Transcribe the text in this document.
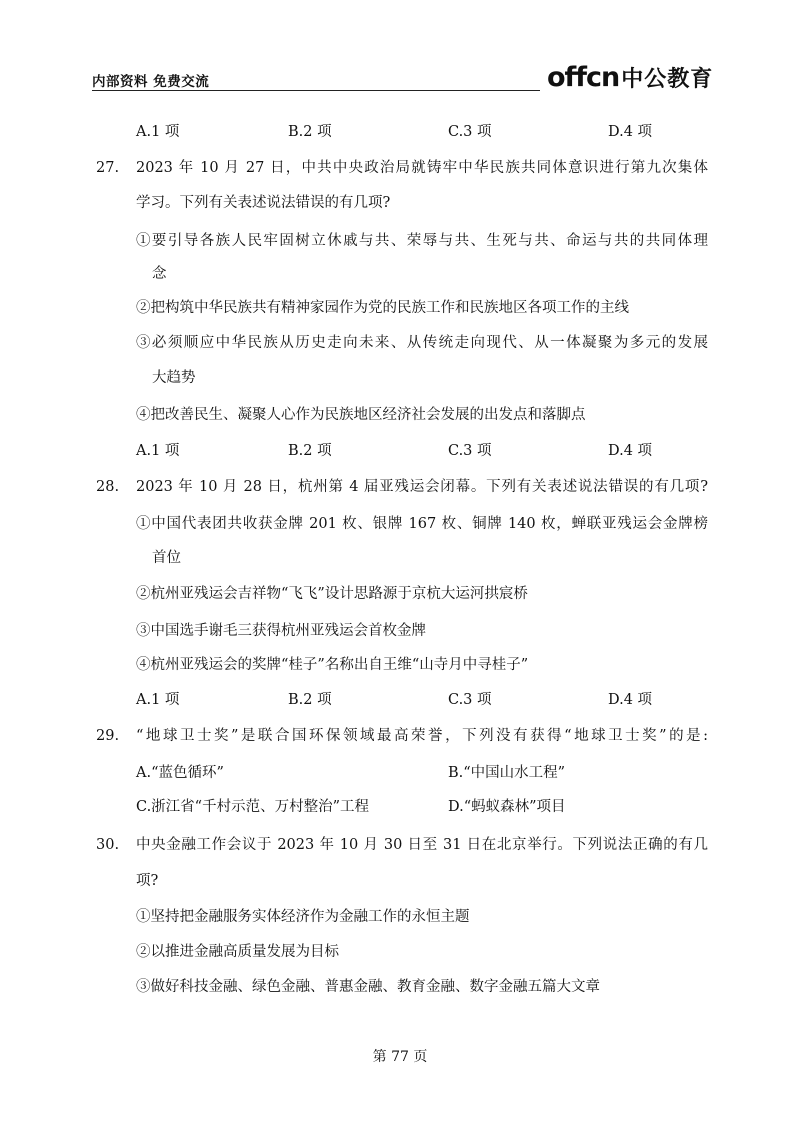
内部资料 免费交流	offcn中公教育
A.1 项	B.2 项	C.3 项	D.4 项
27. 2023 年 10 月 27 日，中共中央政治局就铸牢中华民族共同体意识进行第九次集体
学习。下列有关表述说法错误的有几项?
①要引导各族人民牢固树立休戚与共、荣辱与共、生死与共、命运与共的共同体理
念
②把构筑中华民族共有精神家园作为党的民族工作和民族地区各项工作的主线
③必须顺应中华民族从历史走向未来、从传统走向现代、从一体凝聚为多元的发展
大趋势
④把改善民生、凝聚人心作为民族地区经济社会发展的出发点和落脚点
A.1 项	B.2 项	C.3 项	D.4 项
28. 2023 年 10 月 28 日，杭州第 4 届亚残运会闭幕。下列有关表述说法错误的有几项?
①中国代表团共收获金牌 201 枚、银牌 167 枚、铜牌 140 枚，蝉联亚残运会金牌榜
首位
②杭州亚残运会吉祥物“飞飞”设计思路源于京杭大运河拱宸桥
③中国选手谢毛三获得杭州亚残运会首枚金牌
④杭州亚残运会的奖牌“桂子”名称出自王维“山寺月中寻桂子”
A.1 项	B.2 项	C.3 项	D.4 项
29. “地球卫士奖”是联合国环保领域最高荣誉，下列没有获得“地球卫士奖”的是:
A.“蓝色循环”	B.“中国山水工程”
C.浙江省“千村示范、万村整治”工程	D.“蚂蚁森林”项目
30. 中央金融工作会议于 2023 年 10 月 30 日至 31 日在北京举行。下列说法正确的有几
项?
①坚持把金融服务实体经济作为金融工作的永恒主题
②以推进金融高质量发展为目标
③做好科技金融、绿色金融、普惠金融、教育金融、数字金融五篇大文章
第 77 页
